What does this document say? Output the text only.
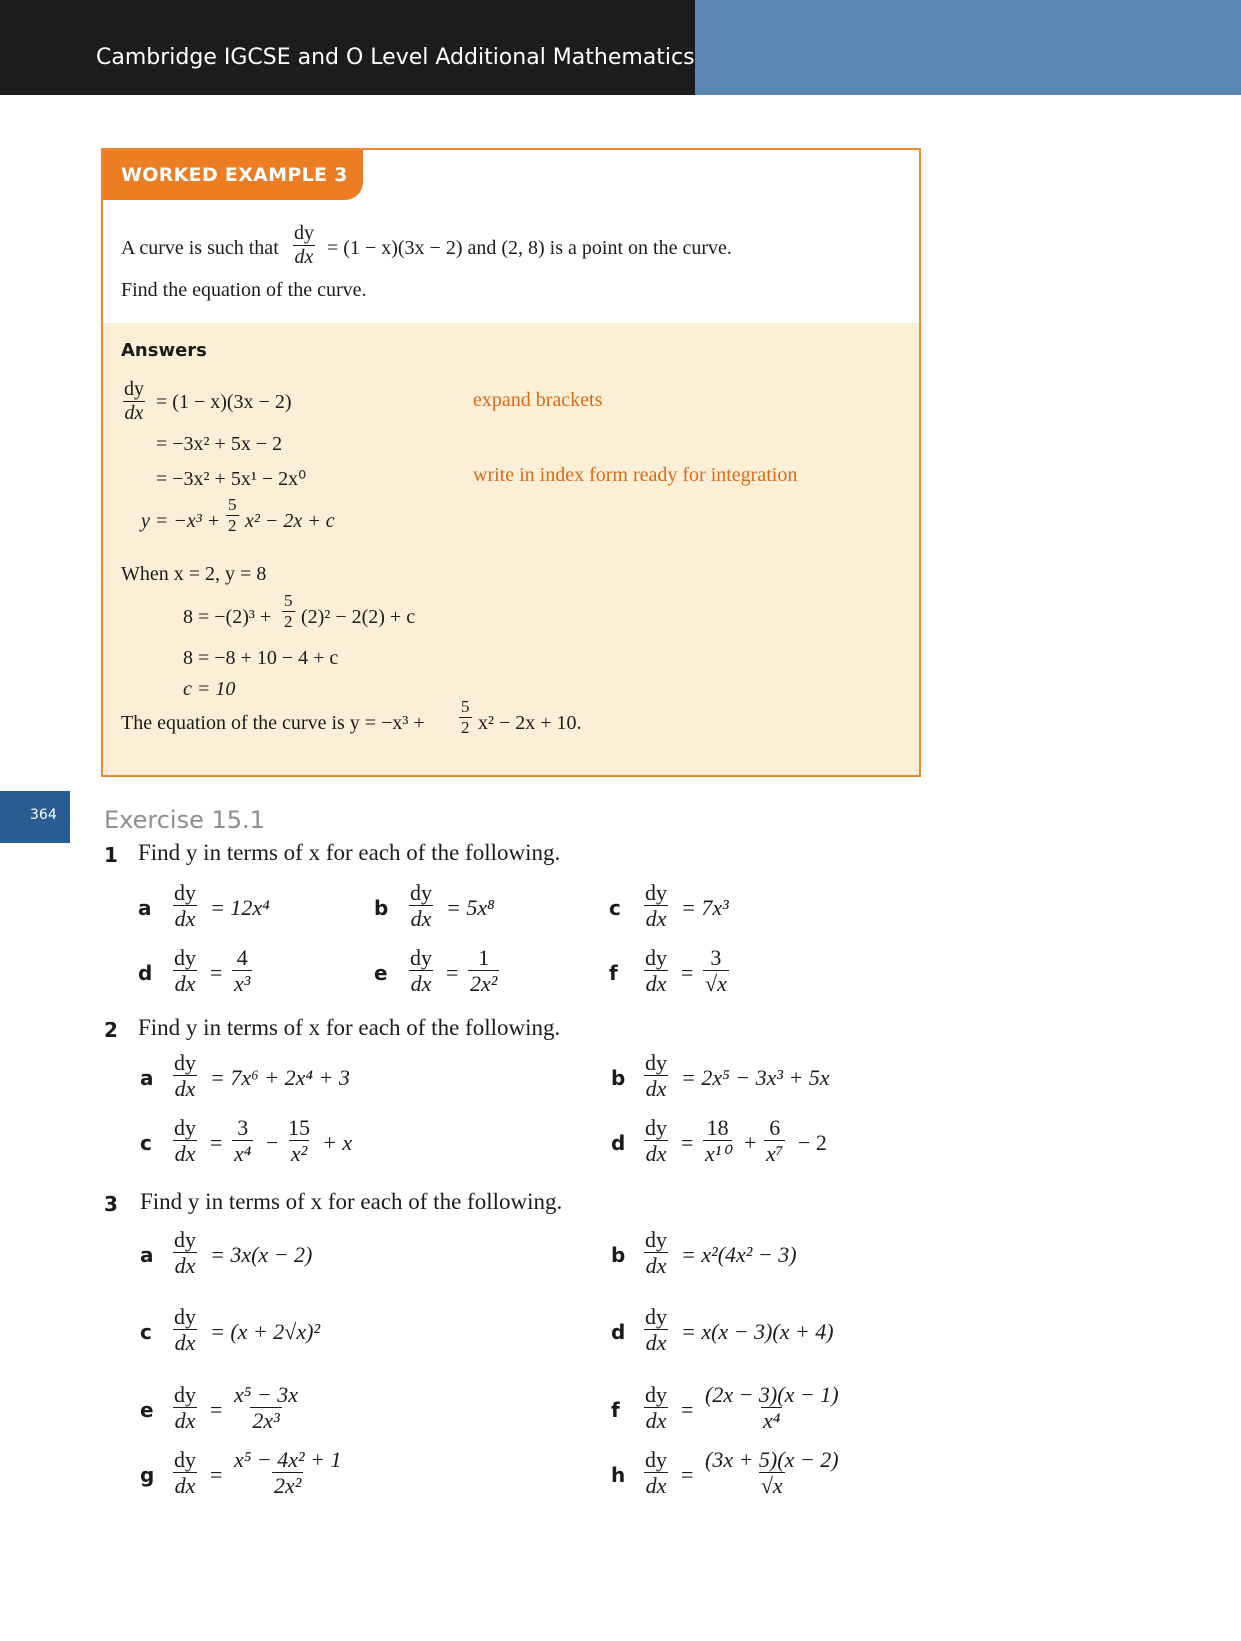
Cambridge IGCSE and O Level Additional Mathematics
WORKED EXAMPLE 3
A curve is such that $\frac{dy}{dx} = (1 - x)(3x - 2)$ and (2, 8) is a point on the curve.
Find the equation of the curve.
Answers
$\frac{dy}{dx} = (1 - x)(3x - 2)$	expand brackets
= −3x² + 5x − 2
= −3x² + 5x¹ − 2x⁰	write in index form ready for integration
$y = -x^3 + \frac{5}{2} x^2 - 2x + c$
When x = 2, y = 8
$8 = -(2)^3 + \frac{5}{2} (2)^2 - 2(2) + c$
8 = −8 + 10 − 4 + c
c = 10
The equation of the curve is $y = -x^3 + \frac{5}{2} x^2 - 2x + 10$.
364 Exercise 15.1
1 Find y in terms of x for each of the following.
a $\frac{dy}{dx} = 12x^4$	b $\frac{dy}{dx} = 5x^8$	c $\frac{dy}{dx} = 7x^3$
d $\frac{dy}{dx} = \frac{4}{\text{x³}}$	e $\frac{dy}{dx} = \frac{1}{\text{2x²}}$	f $\frac{dy}{dx} = \frac{3}{√x}$
2 Find y in terms of x for each of the following.
a $\frac{dy}{dx} = 7x^6 + 2x^4 + 3$	b $\frac{dy}{dx} = 2x^5 - 3x^3 + 5x$
c $\frac{dy}{dx} = \frac{3}{\text{x⁴}} - \frac{15}{\text{x²}} + x$	d $\frac{dy}{dx} = \frac{18}{\text{x¹⁰}} + \frac{6}{\text{x⁷}} - 2$
3 Find y in terms of x for each of the following.
a $\frac{dy}{dx} = 3x(x - 2)$	b $\frac{dy}{dx} = x^2(4x^2 - 3)$
c $\frac{dy}{dx} = (x + 2√x)^2$	d $\frac{dy}{dx} = x(x - 3)(x + 4)$
e $\frac{dy}{dx} = \frac{\text{x⁵ − 3x}}{\text{2x³}}$	f $\frac{dy}{dx} = \frac{(2x - 3)(x - 1)}{\text{x⁴}}$
g $\frac{dy}{dx} = \frac{\text{x⁵ − 4x² + 1}}{\text{2x²}}$	h $\frac{dy}{dx} = \frac{(3x + 5)(x - 2)}{√x}$
